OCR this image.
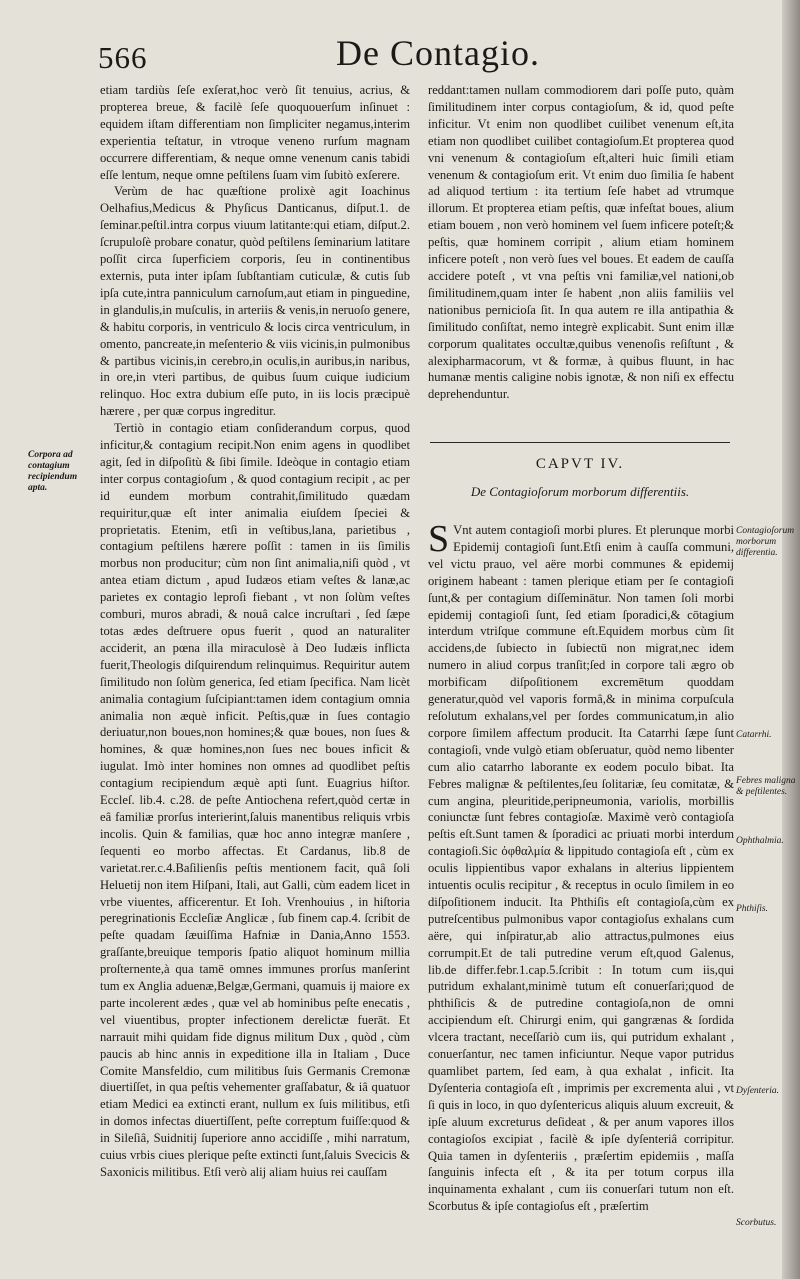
566	De Contagio.
Corpora ad contagium recipiendum apta.

etiam tardiùs ſeſe exſerat,hoc verò ſit tenuius, acrius, & propterea breue, & facilè ſeſe quoquouerſum inſinuet : equidem iſtam differentiam non ſimpliciter negamus,interim experientia teſtatur, in vtroque veneno rurſum magnam occurrere differentiam, & neque omne venenum canis tabidi eſſe lentum, neque omne peſtilens ſuam vim ſubitò exſerere.

Verùm de hac quæſtione prolixè agit Ioachinus Oelhafius,Medicus & Phyſicus Danticanus, diſput.1. de ſeminar.peſtil.intra corpus viuum latitante:qui etiam, diſput.2. ſcrupuloſè probare conatur, quòd peſtilens ſeminarium latitare poſſit circa ſuperficiem corporis, ſeu in continentibus externis, puta inter ipſam ſubſtantiam cuticulæ, & cutis ſub ipſa cute,intra panniculum carnoſum,aut etiam in pinguedine, in glandulis,in muſculis, in arteriis & venis,in neruoſo genere, & habitu corporis, in ventriculo & locis circa ventriculum, in omento, pancreate,in meſenterio & viis vicinis,in pulmonibus & partibus vicinis,in cerebro,in oculis,in auribus,in naribus, in ore,in vteri partibus, de quibus ſuum cuique iudicium relinquo. Hoc extra dubium eſſe puto, in iis locis præcipuè hærere , per quæ corpus ingreditur.

Tertiò in contagio etiam conſiderandum corpus, quod inficitur,& contagium recipit.Non enim agens in quodlibet agit, ſed in diſpoſitù & ſibi ſimile. Ideòque in contagio etiam inter corpus contagioſum , & quod contagium recipit , ac per id eundem morbum contrahit,ſimilitudo quædam requiritur,quæ eſt inter animalia eiuſdem ſpeciei & proprietatis. Etenim, etſi in veſtibus,lana, parietibus , contagium peſtilens hærere poſſit : tamen in iis ſimilis morbus non producitur; cùm non ſint animalia,niſi quòd , vt antea etiam dictum , apud Iudæos etiam veſtes & lanæ,ac parietes ex contagio leproſi fiebant , vt non ſolùm veſtes comburi, muros abradi, & nouâ calce incruſtari , ſed ſæpe totas ædes deſtruere opus fuerit , quod an naturaliter acciderit, an pœna illa miraculosè à Deo Iudæis inflicta fuerit,Theologis diſquirendum relinquimus. Requiritur autem ſimilitudo non ſolùm generica, ſed etiam ſpecifica. Nam licèt animalia contagium ſuſcipiant:tamen idem contagium omnia animalia non æquè inficit. Peſtis,quæ in ſues contagio deriuatur,non boues,non homines;& quæ boues, non ſues & homines, & quæ homines,non ſues nec boues inficit & iugulat. Imò inter homines non omnes ad quodlibet peſtis contagium recipiendum æquè apti ſunt. Euagrius hiſtor. Eccleſ. lib.4. c.28. de peſte Antiochena refert,quòd certæ in eâ familiæ prorſus interierint,ſaluis manentibus reliquis vrbis incolis. Quin & familias, quæ hoc anno integræ manſere , ſequenti eo morbo affectas. Et Cardanus, lib.8 de varietat.rer.c.4.Baſilienſis peſtis mentionem facit, quâ ſoli Heluetij non item Hiſpani, Itali, aut Galli, cùm eadem licet in vrbe viuentes, afficerentur. Et Ioh. Vrenhouius , in hiſtoria peregrinationis Eccleſiæ Anglicæ , ſub finem cap.4. ſcribit de peſte quadam ſæuiſſima Hafniæ in Dania,Anno 1553. graſſante,breuique temporis ſpatio aliquot hominum millia proſternente,à qua tamē omnes immunes prorſus manſerint tum ex Anglia aduenæ,Belgæ,Germani, quamuis ij maiore ex parte incolerent ædes , quæ vel ab hominibus peſte enecatis , vel viuentibus, propter infectionem derelictæ fuerāt. Et narrauit mihi quidam fide dignus militum Dux , quòd , cùm paucis ab hinc annis in expeditione illa in Italiam , Duce Comite Mansfeldio, cum militibus ſuis Germanis Cremonæ diuertiſſet, in qua peſtis vehementer graſſabatur, & iâ quatuor etiam Medici ea extincti erant, nullum ex ſuis militibus, etſi in domos infectas diuertiſſent, peſte correptum fuiſſe:quod & in Sileſiâ, Suidnitij ſuperiore anno accidiſſe , mihi narratum, cuius vrbis ciues plerique peſte extincti ſunt,ſaluis Svecicis & Saxonicis militibus. Etſi verò alij aliam huius rei cauſſam

reddant:tamen nullam commodiorem dari poſſe puto, quàm ſimilitudinem inter corpus contagioſum, & id, quod peſte inficitur. Vt enim non quodlibet cuilibet venenum eſt,ita etiam non quodlibet cuilibet contagioſum.Et propterea quod vni venenum & contagioſum eſt,alteri huic ſimili etiam venenum & contagioſum erit. Vt enim duo ſimilia ſe habent ad aliquod tertium : ita tertium ſeſe habet ad vtrumque illorum. Et propterea etiam peſtis, quæ infeſtat boues, alium etiam bouem , non verò hominem vel ſuem inficere poteſt;& peſtis, quæ hominem corripit , alium etiam hominem inficere poteſt , non verò ſues vel boues. Et eadem de cauſſa accidere poteſt , vt vna peſtis vni familiæ,vel nationi,ob ſimilitudinem,quam inter ſe habent ,non aliis familiis vel nationibus pernicioſa ſit. In qua autem re illa antipathia & ſimilitudo conſiſtat, nemo integrè explicabit. Sunt enim illæ corporum qualitates occultæ,quibus venenoſis reſiſtunt , & alexipharmacorum, vt & formæ, à quibus fluunt, in hac humanæ mentis caligine nobis ignotæ, & non niſi ex effectu deprehenduntur.

CAPVT IV.
De Contagioſorum morborum differentiis.

S Vnt autem contagioſi morbi plures. Et plerunque morbi Epidemij contagioſi ſunt.Etſi enim à cauſſa communi, vel victu prauo, vel aëre morbi communes & epidemij originem habeant : tamen plerique etiam per ſe contagioſi ſunt,& per contagium diſſeminātur. Non tamen ſoli morbi epidemij contagioſi ſunt, ſed etiam ſporadici,& cōtagium interdum vtriſque commune eſt.Equidem morbus cùm ſit accidens,de ſubiecto in ſubiectū non migrat,nec idem numero in aliud corpus tranſit;ſed in corpore tali ægro ob morbificam diſpoſitionem excremētum quoddam generatur,quòd vel vaporis formâ,& in minima corpuſcula reſolutum exhalans,vel per ſordes communicatum,in alio corpore ſimilem affectum producit. Ita Catarrhi ſæpe ſunt contagioſi, vnde vulgò etiam obſeruatur, quòd nemo libenter cum alio catarrho laborante ex eodem poculo bibat. Ita Febres malignæ & peſtilentes,ſeu ſolitariæ, ſeu comitatæ, & cum angina, pleuritide,peripneumonia, variolis, morbillis coniunctæ ſunt febres contagioſæ. Maximè verò contagioſa peſtis eſt.Sunt tamen & ſporadici ac priuati morbi interdum contagioſi.Sic ὀφθαλμία & lippitudo contagioſa eſt , cùm ex oculis lippientibus vapor exhalans in alterius lippientem intuentis oculis recipitur , & receptus in oculo ſimilem in eo diſpoſitionem inducit. Ita Phthiſis eſt contagioſa,cùm ex putreſcentibus pulmonibus vapor contagioſus exhalans cum aëre, qui inſpiratur,ab alio attractus,pulmones eius corrumpit.Et de tali putredine verum eſt,quod Galenus, lib.de differ.febr.1.cap.5.ſcribit : In totum cum iis,qui putridum exhalant,minimè tutum eſt conuerſari;quod de phthiſicis & de putredine contagioſa,non de omni accipiendum eſt. Chirurgi enim, qui gangrænas & ſordida vlcera tractant, neceſſariò cum iis, qui putridum exhalant , conuerſantur, nec tamen inficiuntur. Neque vapor putridus quamlibet partem, ſed eam, à qua exhalat , inficit. Ita Dyſenteria contagioſa eſt , imprimis per excrementa alui , vt ſi quis in loco, in quo dyſentericus aliquis aluum excreuit, & ipſe aluum excreturus deſideat , & per anum vapores illos contagioſos excipiat , facilè & ipſe dyſenteriâ corripitur. Quia tamen in dyſenteriis , præſertim epidemiis , maſſa ſanguinis infecta eſt , & ita per totum corpus illa inquinamenta exhalant , cum iis conuerſari tutum non eſt. Scorbutus & ipſe contagioſus eſt , præſertim

Contagioſorum morborum differentia.
Catarrhi.
Febres maligna & peſtilentes.
Ophthalmia.
Phthiſis.
Dyſenteria.
Scorbutus.
